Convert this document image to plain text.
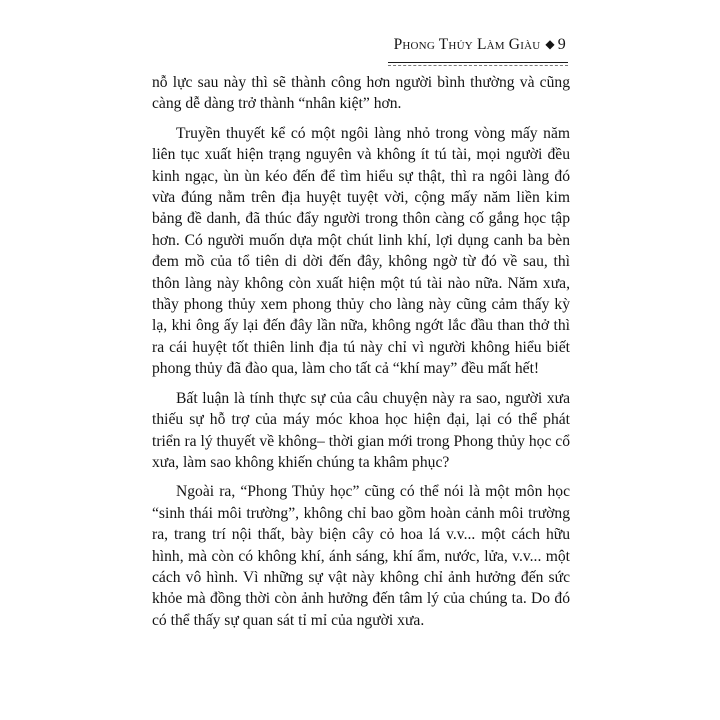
Phong Thủy Làm Giàu ◆ 9

nỗ lực sau này thì sẽ thành công hơn người bình thường và cũng càng dễ dàng trở thành “nhân kiệt” hơn.

Truyền thuyết kể có một ngôi làng nhỏ trong vòng mấy năm liên tục xuất hiện trạng nguyên và không ít tú tài, mọi người đều kinh ngạc, ùn ùn kéo đến để tìm hiểu sự thật, thì ra ngôi làng đó vừa đúng nằm trên địa huyệt tuyệt vời, cộng mấy năm liền kim bảng đề danh, đã thúc đẩy người trong thôn càng cố gắng học tập hơn. Có người muốn dựa một chút linh khí, lợi dụng canh ba bèn đem mồ của tổ tiên di dời đến đây, không ngờ từ đó về sau, thì thôn làng này không còn xuất hiện một tú tài nào nữa. Năm xưa, thầy phong thủy xem phong thủy cho làng này cũng cảm thấy kỳ lạ, khi ông ấy lại đến đây lần nữa, không ngớt lắc đầu than thở thì ra cái huyệt tốt thiên linh địa tú này chỉ vì người không hiểu biết phong thủy đã đào qua, làm cho tất cả “khí may” đều mất hết!

Bất luận là tính thực sự của câu chuyện này ra sao, người xưa thiếu sự hỗ trợ của máy móc khoa học hiện đại, lại có thể phát triển ra lý thuyết về không– thời gian mới trong Phong thủy học cổ xưa, làm sao không khiến chúng ta khâm phục?

Ngoài ra, “Phong Thủy học” cũng có thể nói là một môn học “sinh thái môi trường”, không chỉ bao gồm hoàn cảnh môi trường ra, trang trí nội thất, bày biện cây cỏ hoa lá v.v... một cách hữu hình, mà còn có không khí, ánh sáng, khí ẩm, nước, lửa, v.v... một cách vô hình. Vì những sự vật này không chỉ ảnh hưởng đến sức khỏe mà đồng thời còn ảnh hưởng đến tâm lý của chúng ta. Do đó có thể thấy sự quan sát tỉ mỉ của người xưa.
